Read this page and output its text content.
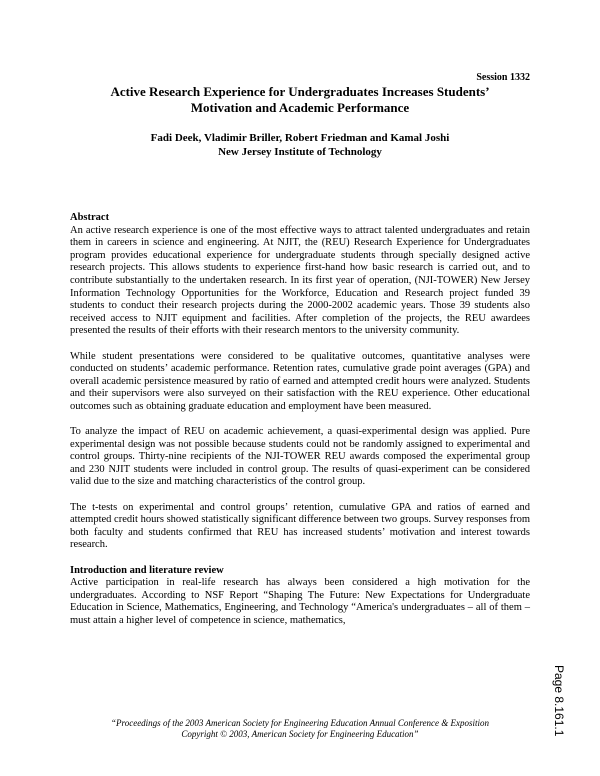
Session 1332
Active Research Experience for Undergraduates Increases Students’
Motivation and Academic Performance
Fadi Deek, Vladimir Briller, Robert Friedman and Kamal Joshi
New Jersey Institute of Technology
Abstract

An active research experience is one of the most effective ways to attract talented undergraduates and retain them in careers in science and engineering. At NJIT, the (REU) Research Experience for Undergraduates program provides educational experience for undergraduate students through specially designed active research projects. This allows students to experience first-hand how basic research is carried out, and to contribute substantially to the undertaken research. In its first year of operation, (NJI-TOWER) New Jersey Information Technology Opportunities for the Workforce, Education and Research project funded 39 students to conduct their research projects during the 2000-2002 academic years. Those 39 students also received access to NJIT equipment and facilities. After completion of the projects, the REU awardees presented the results of their efforts with their research mentors to the university community.

While student presentations were considered to be qualitative outcomes, quantitative analyses were conducted on students’ academic performance. Retention rates, cumulative grade point averages (GPA) and overall academic persistence measured by ratio of earned and attempted credit hours were analyzed. Students and their supervisors were also surveyed on their satisfaction with the REU experience. Other educational outcomes such as obtaining graduate education and employment have been measured.

To analyze the impact of REU on academic achievement, a quasi-experimental design was applied. Pure experimental design was not possible because students could not be randomly assigned to experimental and control groups. Thirty-nine recipients of the NJI-TOWER REU awards composed the experimental group and 230 NJIT students were included in control group. The results of quasi-experiment can be considered valid due to the size and matching characteristics of the control group.

The t-tests on experimental and control groups’ retention, cumulative GPA and ratios of earned and attempted credit hours showed statistically significant difference between two groups. Survey responses from both faculty and students confirmed that REU has increased students’ motivation and interest towards research.

Introduction and literature review

Active participation in real-life research has always been considered a high motivation for the undergraduates. According to NSF Report “Shaping The Future: New Expectations for Undergraduate Education in Science, Mathematics, Engineering, and Technology “America's undergraduates – all of them – must attain a higher level of competence in science, mathematics,

“Proceedings of the 2003 American Society for Engineering Education Annual Conference & Exposition
Copyright © 2003, American Society for Engineering Education”	Page 8.161.1
